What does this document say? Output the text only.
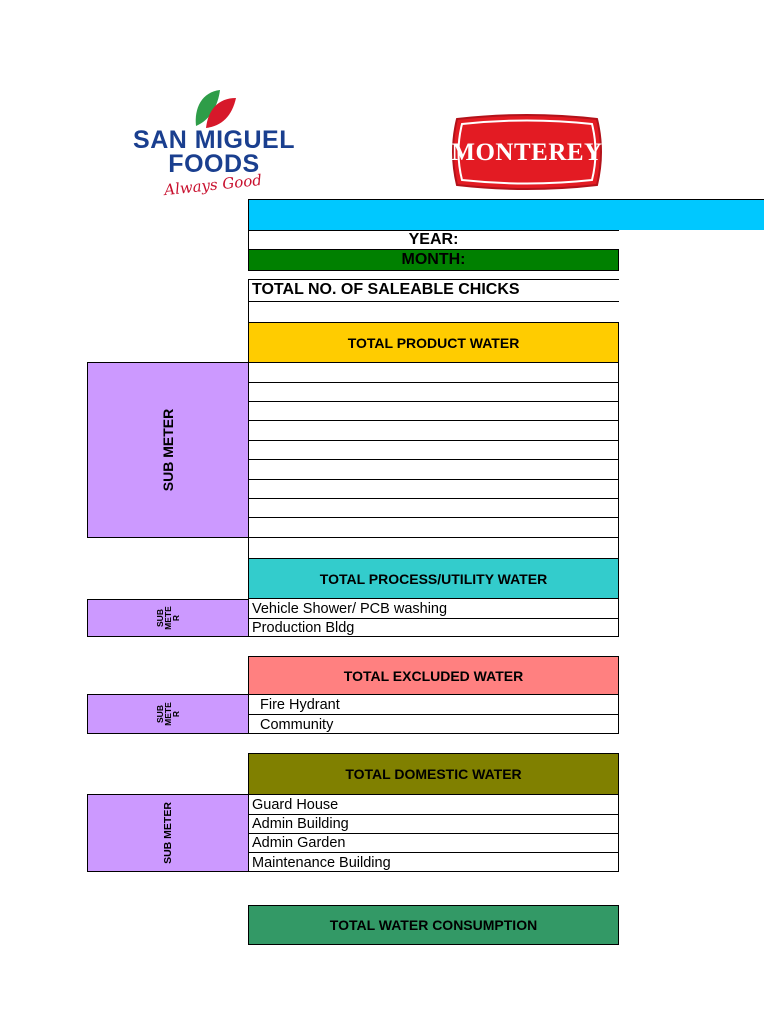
SAN MIGUEL
FOODS
Always Good
MONTEREY
YEAR:
MONTH:
TOTAL NO. OF SALEABLE CHICKS
TOTAL PRODUCT WATER
SUB METER
TOTAL PROCESS/UTILITY WATER
SUB METE R
Vehicle Shower/ PCB washing
Production Bldg
TOTAL EXCLUDED WATER
SUB METE R
Fire Hydrant
Community
TOTAL DOMESTIC WATER
SUB METER	Guard House
Admin Building
Admin Garden
Maintenance Building
TOTAL WATER CONSUMPTION
